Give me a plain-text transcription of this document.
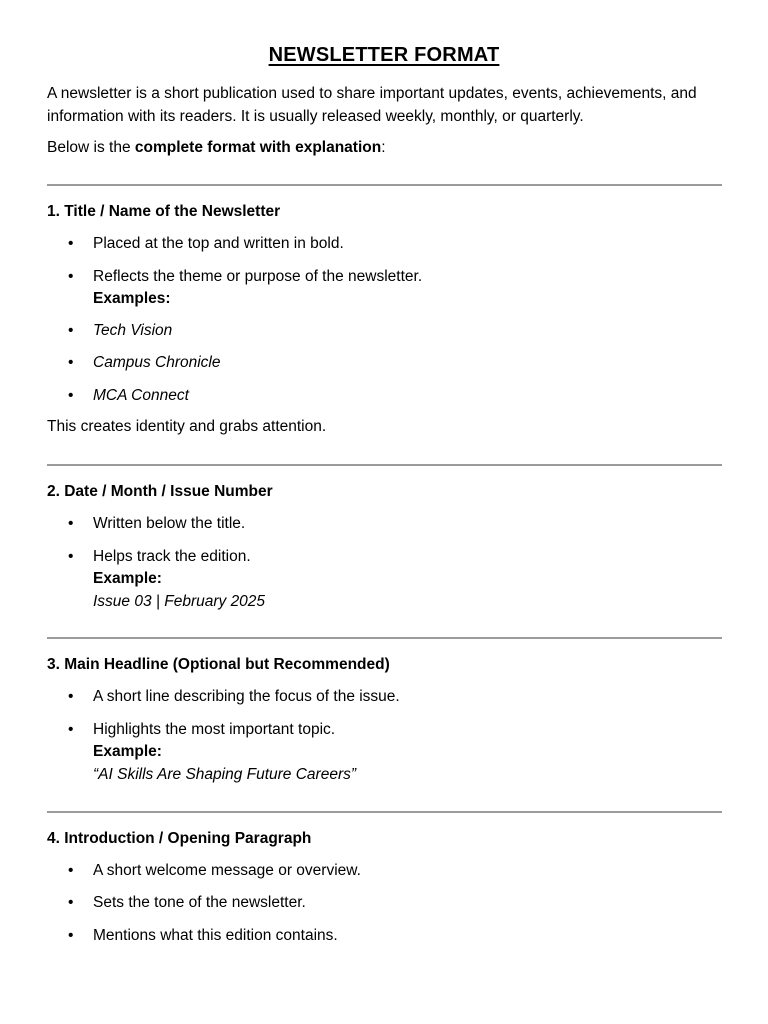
NEWSLETTER FORMAT
A newsletter is a short publication used to share important updates, events, achievements, and information with its readers. It is usually released weekly, monthly, or quarterly.
Below is the complete format with explanation:
1. Title / Name of the Newsletter
• Placed at the top and written in bold.
• Reflects the theme or purpose of the newsletter.
Examples:
• Tech Vision
• Campus Chronicle
• MCA Connect
This creates identity and grabs attention.
2. Date / Month / Issue Number
• Written below the title.
• Helps track the edition.
Example:
Issue 03 | February 2025
3. Main Headline (Optional but Recommended)
• A short line describing the focus of the issue.
• Highlights the most important topic.
Example:
“AI Skills Are Shaping Future Careers”
4. Introduction / Opening Paragraph
• A short welcome message or overview.
• Sets the tone of the newsletter.
• Mentions what this edition contains.
